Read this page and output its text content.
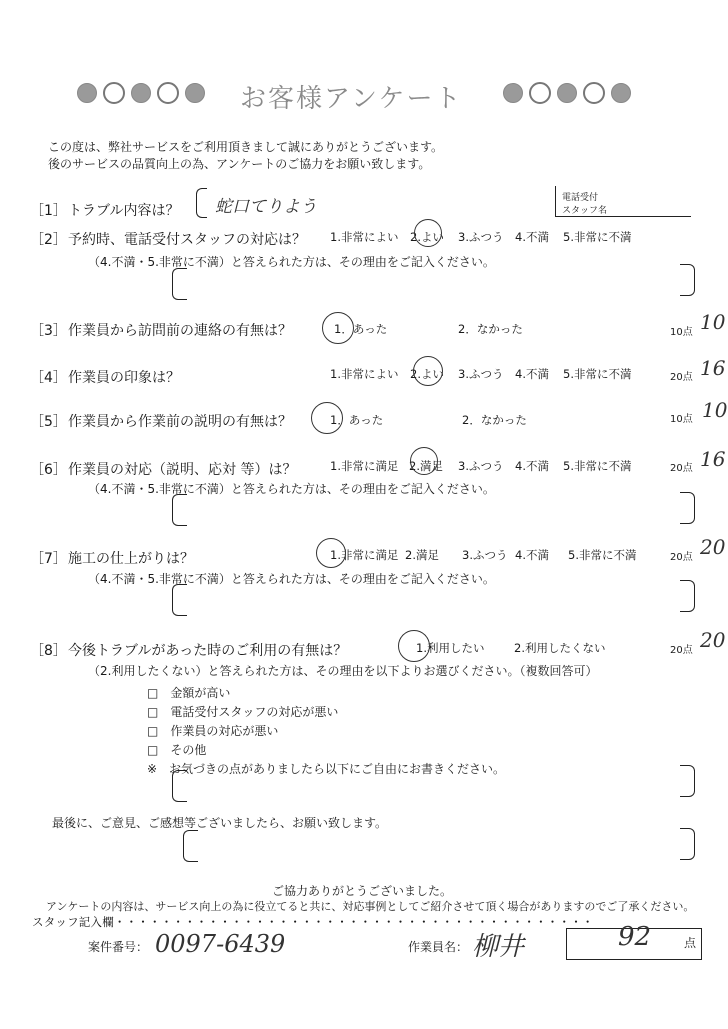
お客様アンケート
この度は、弊社サービスをご利用頂きまして誠にありがとうございます。
後のサービスの品質向上の為、アンケートのご協力をお願い致します。
［1］ トラブル内容は？ 蛇口てりよう	電話受付
スタッフ名
［2］ 予約時、電話受付スタッフの対応は？ 1.非常によい 2.よい 3.ふつう 4.不満 5.非常に不満
（4.不満・5.非常に不満）と答えられた方は、その理由をご記入ください。
［3］ 作業員から訪問前の連絡の有無は？	1．あった	2．なかった	10点 10
［4］ 作業員の印象は？	1.非常によい 2.よい 3.ふつう 4.不満 5.非常に不満	20点 16
［5］ 作業員から作業前の説明の有無は？	1．あった	2．なかった	10点 10
［6］ 作業員の対応（説明、応対 等）は？	1.非常に満足 2.満足 3.ふつう 4.不満 5.非常に不満	20点 16
（4.不満・5.非常に不満）と答えられた方は、その理由をご記入ください。
［7］ 施工の仕上がりは？	1.非常に満足 2.満足 3.ふつう 4.不満 5.非常に不満	20点 20
（4.不満・5.非常に不満）と答えられた方は、その理由をご記入ください。
［8］ 今後トラブルがあった時のご利用の有無は？	1.利用したい	2.利用したくない	20点 20
（2.利用したくない）と答えられた方は、その理由を以下よりお選びください。（複数回答可）
□　金額が高い
□　電話受付スタッフの対応が悪い
□　作業員の対応が悪い
□　その他
※　お気づきの点がありましたら以下にご自由にお書きください。
最後に、ご意見、ご感想等ございましたら、お願い致します。
ご協力ありがとうございました。
アンケートの内容は、サービス向上の為に役立てると共に、対応事例としてご紹介させて頂く場合がありますのでご了承ください。
スタッフ記入欄・・・・・・・・・・・・・・・・・・・・・・・・・・・・・・・・・・・・・・・・・
案件番号： 0097-6439	作業員名： 柳井	92	点
